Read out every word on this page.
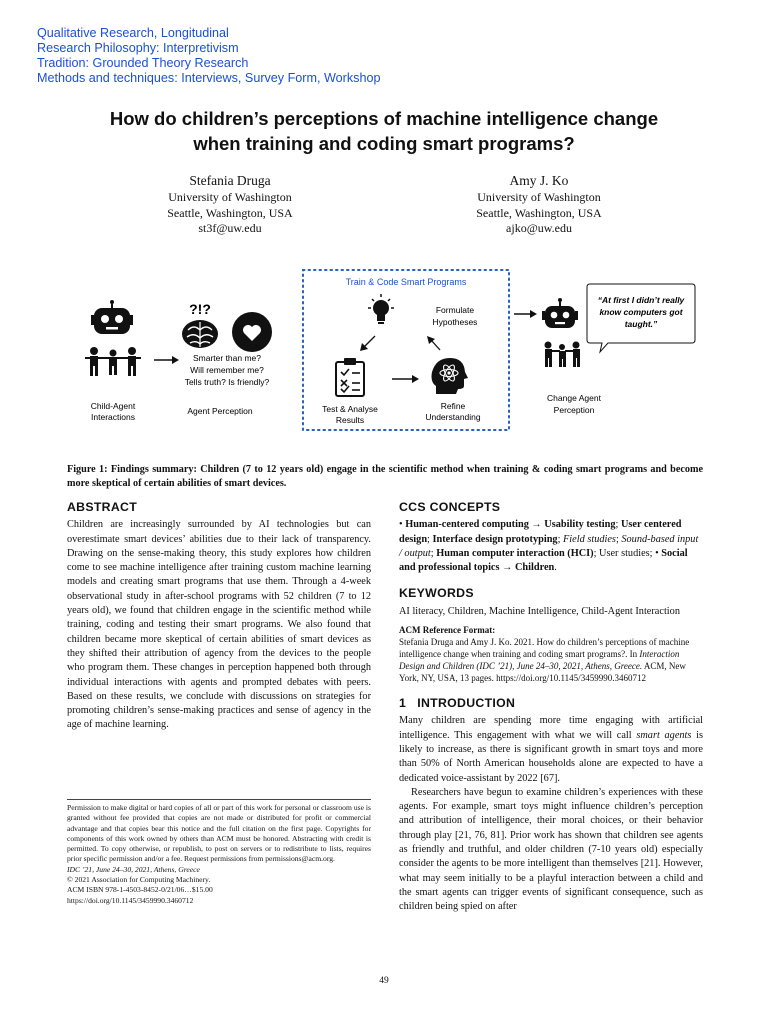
Qualitative Research, Longitudinal
Research Philosophy: Interpretivism
Tradition: Grounded Theory Research
Methods and techniques: Interviews, Survey Form, Workshop
How do children’s perceptions of machine intelligence change
when training and coding smart programs?
Stefania Druga
University of Washington
Seattle, Washington, USA
st3f@uw.edu
Amy J. Ko
University of Washington
Seattle, Washington, USA
ajko@uw.edu
Train & Code Smart Programs
Child-Agent
Interactions
?!?
Smarter than me?
Will remember me?
Tells truth? Is friendly?
Agent Perception
Formulate
Hypotheses
Test & Analyse
Results
Refine
Understanding
Change Agent
Perception
“At first I didn’t really
know computers got
taught.”
Figure 1: Findings summary: Children (7 to 12 years old) engage in the scientific method when training & coding smart programs and become more skeptical of certain abilities of smart devices.
ABSTRACT

Children are increasingly surrounded by AI technologies but can overestimate smart devices’ abilities due to their lack of transparency. Drawing on the sense-making theory, this study explores how children come to see machine intelligence after training custom machine learning models and creating smart programs that use them. Through a 4-week observational study in after-school programs with 52 children (7 to 12 years old), we found that children engage in the scientific method while training, coding and testing their smart programs. We also found that children became more skeptical of certain abilities of smart devices as they shifted their attribution of agency from the devices to the people who program them. These changes in perception happened both through individual interactions with agents and prompted debates with peers. Based on these results, we conclude with discussions on strategies for promoting children’s sense-making practices and sense of agency in the age of machine learning.

Permission to make digital or hard copies of all or part of this work for personal or classroom use is granted without fee provided that copies are not made or distributed for profit or commercial advantage and that copies bear this notice and the full citation on the first page. Copyrights for components of this work owned by others than ACM must be honored. Abstracting with credit is permitted. To copy otherwise, or republish, to post on servers or to redistribute to lists, requires prior specific permission and/or a fee. Request permissions from permissions@acm.org.
IDC ’21, June 24–30, 2021, Athens, Greece
© 2021 Association for Computing Machinery.
ACM ISBN 978-1-4503-8452-0/21/06…$15.00
https://doi.org/10.1145/3459990.3460712
CCS CONCEPTS

• Human-centered computing → Usability testing; User centered design; Interface design prototyping; Field studies; Sound-based input / output; Human computer interaction (HCI); User studies; • Social and professional topics → Children.

KEYWORDS

AI literacy, Children, Machine Intelligence, Child-Agent Interaction

ACM Reference Format:

Stefania Druga and Amy J. Ko. 2021. How do children’s perceptions of machine intelligence change when training and coding smart programs?. In Interaction Design and Children (IDC ’21), June 24–30, 2021, Athens, Greece. ACM, New York, NY, USA, 13 pages. https://doi.org/10.1145/3459990.3460712

1   INTRODUCTION

Many children are spending more time engaging with artificial intelligence. This engagement with what we will call smart agents is likely to increase, as there is significant growth in smart toys and more than 50% of North American households alone are expected to have a dedicated voice-assistant by 2022 [67].

Researchers have begun to examine children’s experiences with these agents. For example, smart toys might influence children’s perception and attribution of intelligence, their moral choices, or their behavior through play [21, 76, 81]. Prior work has shown that children see agents as friendly and truthful, and older children (7-10 years old) especially consider the agents to be more intelligent than themselves [21]. However, what may seem initially to be a playful interaction between a child and the smart agents can trigger events of significant consequence, such as children being spied on after

49
